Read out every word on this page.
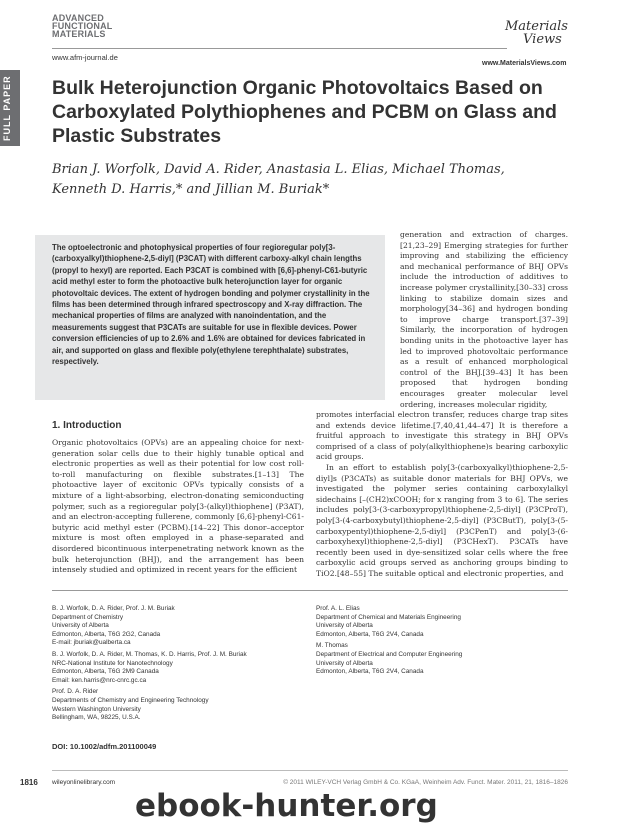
ADVANCED
FUNCTIONAL
MATERIALS
www.afm-journal.de
Materials
Views
www.MaterialsViews.com
FULL PAPER	Bulk Heterojunction Organic Photovoltaics Based on Carboxylated Polythiophenes and PCBM on Glass and Plastic Substrates
Brian J. Worfolk, David A. Rider, Anastasia L. Elias, Michael Thomas,
Kenneth D. Harris,* and Jillian M. Buriak*
The optoelectronic and photophysical properties of four regioregular poly[3-(carboxyalkyl)thiophene-2,5-diyl] (P3CAT) with different carboxy-alkyl chain lengths (propyl to hexyl) are reported. Each P3CAT is combined with [6,6]-phenyl-C61-butyric acid methyl ester to form the photoactive bulk heterojunction layer for organic photovoltaic devices. The extent of hydrogen bonding and polymer crystallinity in the films has been determined through infrared spectroscopy and X-ray diffraction. The mechanical properties of films are analyzed with nanoindentation, and the measurements suggest that P3CATs are suitable for use in flexible devices. Power conversion efficiencies of up to 2.6% and 1.6% are obtained for devices fabricated in air, and supported on glass and flexible poly(ethylene terephthalate) substrates, respectively.
generation and extraction of charges.[21,23–29] Emerging strategies for further improving and stabilizing the efficiency and mechanical performance of BHJ OPVs include the introduction of additives to increase polymer crystallinity,[30–33] cross linking to stabilize domain sizes and morphology[34–36] and hydrogen bonding to improve charge transport.[37–39] Similarly, the incorporation of hydrogen bonding units in the photoactive layer has led to improved photovoltaic performance as a result of enhanced morphological control of the BHJ.[39–43] It has been proposed that hydrogen bonding encourages greater molecular level ordering, increases molecular rigidity,
1. Introduction
Organic photovoltaics (OPVs) are an appealing choice for next-generation solar cells due to their highly tunable optical and electronic properties as well as their potential for low cost roll-to-roll manufacturing on flexible substrates.[1–13] The photoactive layer of excitonic OPVs typically consists of a mixture of a light-absorbing, electron-donating semiconducting polymer, such as a regioregular poly[3-(alkyl)thiophene] (P3AT), and an electron-accepting fullerene, commonly [6,6]-phenyl-C61-butyric acid methyl ester (PCBM).[14–22] This donor–acceptor mixture is most often employed in a phase-separated and disordered bicontinuous interpenetrating network known as the bulk heterojunction (BHJ), and the arrangement has been intensely studied and optimized in recent years for the efficient

promotes interfacial electron transfer, reduces charge trap sites and extends device lifetime.[7,40,41,44–47] It is therefore a fruitful approach to investigate this strategy in BHJ OPVs comprised of a class of poly(alkylthiophene)s bearing carboxylic acid groups.

In an effort to establish poly[3-(carboxyalkyl)thiophene-2,5-diyl]s (P3CATs) as suitable donor materials for BHJ OPVs, we investigated the polymer series containing carboxylalkyl sidechains [–(CH2)xCOOH; for x ranging from 3 to 6]. The series includes poly[3-(3-carboxypropyl)thiophene-2,5-diyl] (P3CProT), poly[3-(4-carboxybutyl)thiophene-2,5-diyl] (P3CButT), poly[3-(5-carboxypentyl)thiophene-2,5-diyl] (P3CPenT) and poly[3-(6-carboxyhexyl)thiophene-2,5-diyl] (P3CHexT). P3CATs have recently been used in dye-sensitized solar cells where the free carboxylic acid groups served as anchoring groups binding to TiO2.[48–55] The suitable optical and electronic properties, and

B. J. Worfolk, D. A. Rider, Prof. J. M. Buriak
Department of Chemistry
University of Alberta
Edmonton, Alberta, T6G 2G2, Canada
E-mail: jburiak@ualberta.ca

B. J. Worfolk, D. A. Rider, M. Thomas, K. D. Harris, Prof. J. M. Buriak
NRC-National Institute for Nanotechnology
Edmonton, Alberta, T6G 2M9 Canada
Email: ken.harris@nrc-cnrc.gc.ca

Prof. D. A. Rider
Departments of Chemistry and Engineering Technology
Western Washington University
Bellingham, WA, 98225, U.S.A.

Prof. A. L. Elias
Department of Chemical and Materials Engineering
University of Alberta
Edmonton, Alberta, T6G 2V4, Canada

M. Thomas
Department of Electrical and Computer Engineering
University of Alberta
Edmonton, Alberta, T6G 2V4, Canada

DOI: 10.1002/adfm.201100049
1816 wileyonlinelibrary.com	© 2011 WILEY-VCH Verlag GmbH & Co. KGaA, Weinheim Adv. Funct. Mater. 2011, 21, 1816–1826
ebook-hunter.org
